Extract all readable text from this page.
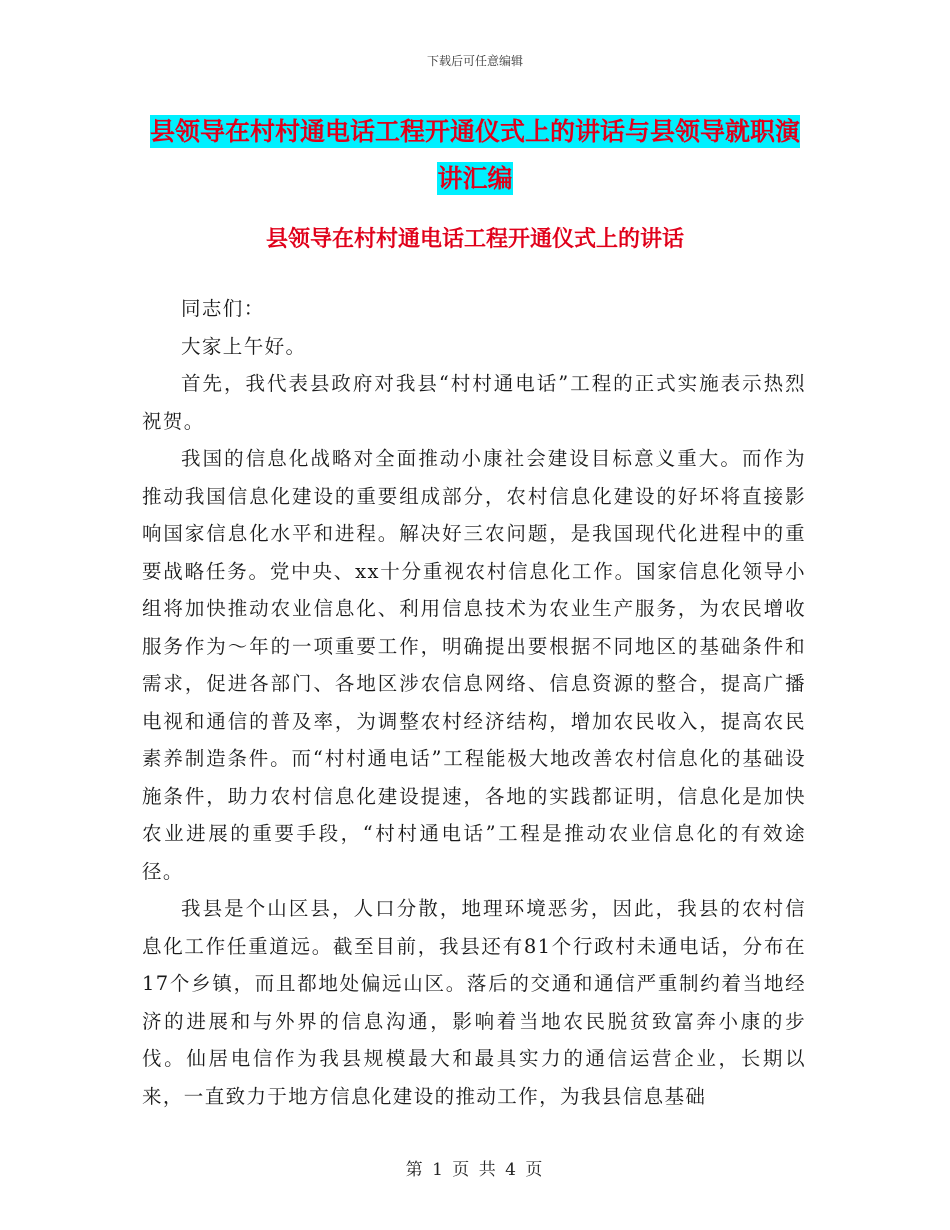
下载后可任意编辑
县领导在村村通电话工程开通仪式上的讲话与县领导就职演讲汇编
县领导在村村通电话工程开通仪式上的讲话

同志们：

大家上午好。

首先，我代表县政府对我县“村村通电话”工程的正式实施表示热烈祝贺。

我国的信息化战略对全面推动小康社会建设目标意义重大。而作为推动我国信息化建设的重要组成部分，农村信息化建设的好坏将直接影响国家信息化水平和进程。解决好三农问题，是我国现代化进程中的重要战略任务。党中央、xx十分重视农村信息化工作。国家信息化领导小组将加快推动农业信息化、利用信息技术为农业生产服务，为农民增收服务作为～年的一项重要工作，明确提出要根据不同地区的基础条件和需求，促进各部门、各地区涉农信息网络、信息资源的整合，提高广播电视和通信的普及率，为调整农村经济结构，增加农民收入，提高农民素养制造条件。而“村村通电话”工程能极大地改善农村信息化的基础设施条件，助力农村信息化建设提速，各地的实践都证明，信息化是加快农业进展的重要手段，“村村通电话”工程是推动农业信息化的有效途径。

我县是个山区县，人口分散，地理环境恶劣，因此，我县的农村信息化工作任重道远。截至目前，我县还有81个行政村未通电话，分布在17个乡镇，而且都地处偏远山区。落后的交通和通信严重制约着当地经济的进展和与外界的信息沟通，影响着当地农民脱贫致富奔小康的步伐。仙居电信作为我县规模最大和最具实力的通信运营企业，长期以来，一直致力于地方信息化建设的推动工作，为我县信息基础

第 1 页 共 4 页
